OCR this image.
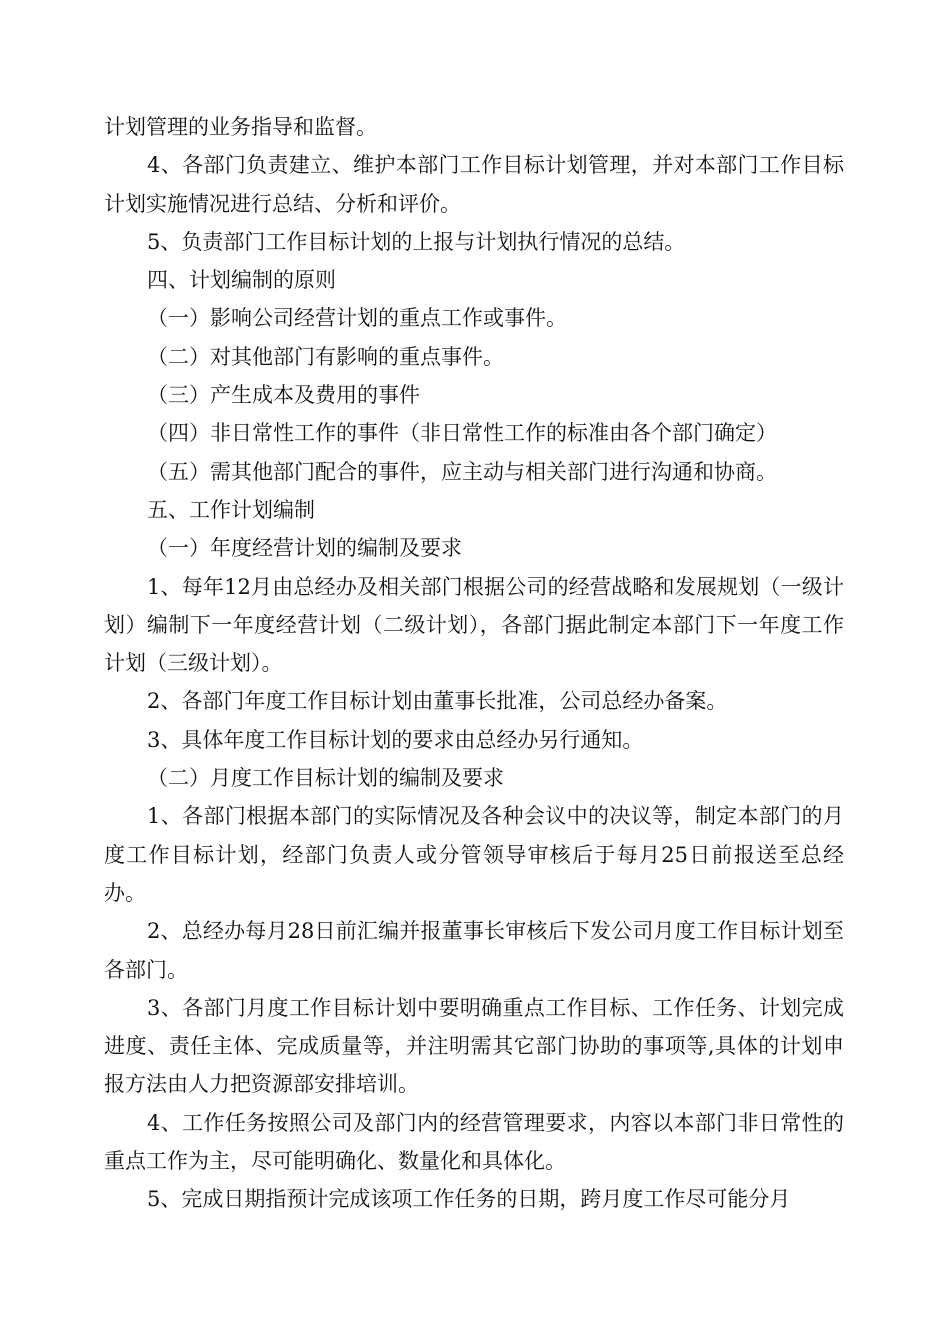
计划管理的业务指导和监督。

4、各部门负责建立、维护本部门工作目标计划管理，并对本部门工作目标计划实施情况进行总结、分析和评价。

5、负责部门工作目标计划的上报与计划执行情况的总结。

四、计划编制的原则

（一）影响公司经营计划的重点工作或事件。

（二）对其他部门有影响的重点事件。

（三）产生成本及费用的事件

（四）非日常性工作的事件（非日常性工作的标准由各个部门确定）

（五）需其他部门配合的事件，应主动与相关部门进行沟通和协商。

五、工作计划编制

（一）年度经营计划的编制及要求

1、每年12月由总经办及相关部门根据公司的经营战略和发展规划（一级计划）编制下一年度经营计划（二级计划），各部门据此制定本部门下一年度工作计划（三级计划）。

2、各部门年度工作目标计划由董事长批准，公司总经办备案。

3、具体年度工作目标计划的要求由总经办另行通知。

（二）月度工作目标计划的编制及要求

1、各部门根据本部门的实际情况及各种会议中的决议等，制定本部门的月度工作目标计划，经部门负责人或分管领导审核后于每月25日前报送至总经办。

2、总经办每月28日前汇编并报董事长审核后下发公司月度工作目标计划至各部门。

3、各部门月度工作目标计划中要明确重点工作目标、工作任务、计划完成进度、责任主体、完成质量等，并注明需其它部门协助的事项等,具体的计划申报方法由人力把资源部安排培训。

4、工作任务按照公司及部门内的经营管理要求，内容以本部门非日常性的重点工作为主，尽可能明确化、数量化和具体化。

5、完成日期指预计完成该项工作任务的日期，跨月度工作尽可能分月
